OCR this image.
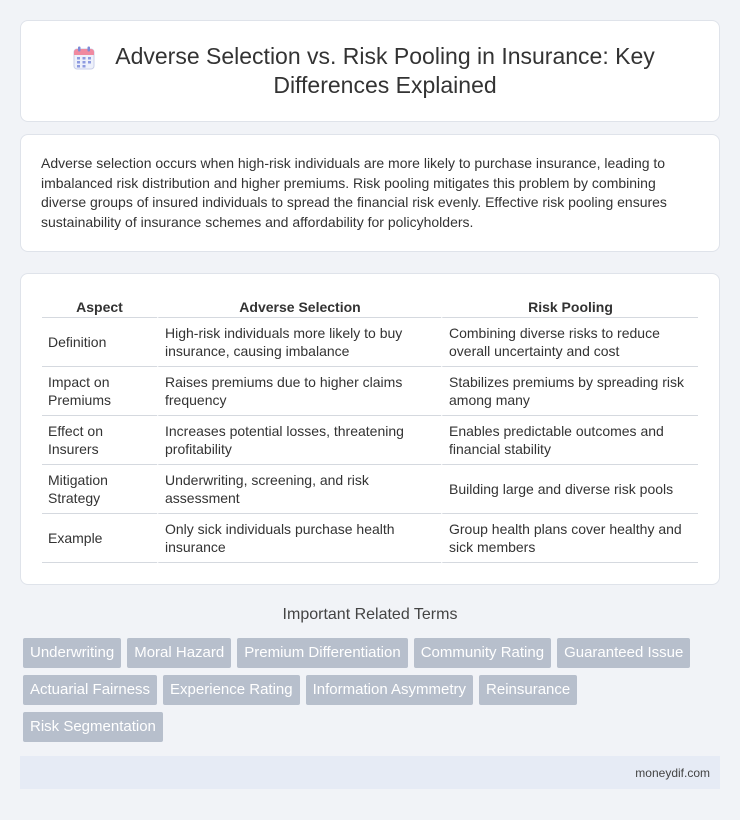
Adverse Selection vs. Risk Pooling in Insurance: Key Differences Explained

Adverse selection occurs when high-risk individuals are more likely to purchase insurance, leading to imbalanced risk distribution and higher premiums. Risk pooling mitigates this problem by combining diverse groups of insured individuals to spread the financial risk evenly. Effective risk pooling ensures sustainability of insurance schemes and affordability for policyholders.

Aspect	Adverse Selection	Risk Pooling
Definition	High-risk individuals more likely to buy insurance, causing imbalance	Combining diverse risks to reduce overall uncertainty and cost
Impact on Premiums	Raises premiums due to higher claims frequency	Stabilizes premiums by spreading risk among many
Effect on Insurers	Increases potential losses, threatening profitability	Enables predictable outcomes and financial stability
Mitigation Strategy	Underwriting, screening, and risk assessment	Building large and diverse risk pools
Example	Only sick individuals purchase health insurance	Group health plans cover healthy and sick members
Important Related Terms
Underwriting	Moral Hazard	Premium Differentiation	Community Rating	Guaranteed Issue
Actuarial Fairness	Experience Rating	Information Asymmetry	Reinsurance
Risk Segmentation
moneydif.com
